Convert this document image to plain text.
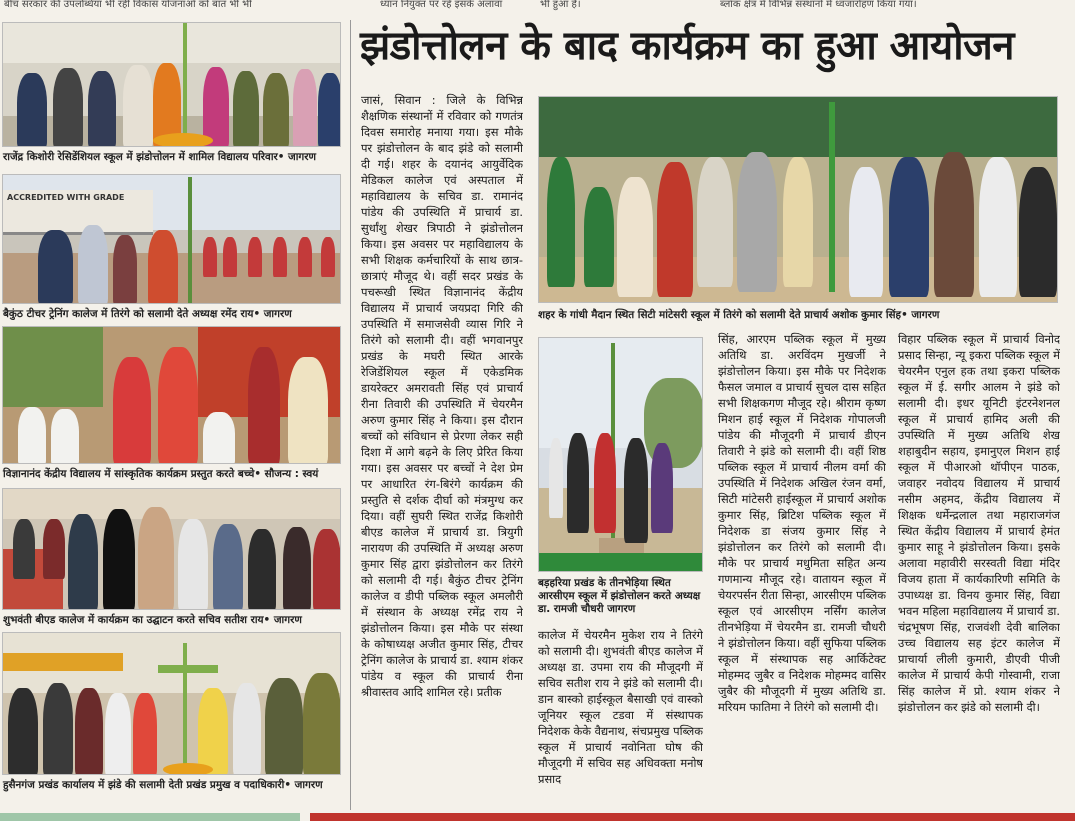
बीच सरकार की उपलब्धियां भी रही विकास योजनाओं को बात भी भी	ध्यान नियुक्त पर रहे इसके अलावा	भी हुआ है।	ब्लॉक क्षेत्र में विभिन्न संस्थानों में ध्वजारोहण किया गया।
झंडोत्तोलन के बाद कार्यक्रम का हुआ आयोजन
राजेंद्र किशोरी रेसिडेंशियल स्कूल में झंडोत्तोलन में शामिल विद्यालय परिवार• जागरण
ACCREDITED WITH GRADE
बैकुंठ टीचर ट्रेनिंग कालेज में तिरंगे को सलामी देते अध्यक्ष रमेंद राय• जागरण
विज्ञानानंद केंद्रीय विद्यालय में सांस्कृतिक कार्यक्रम प्रस्तुत करते बच्चे• सौजन्य : स्वयं
शुभवंती बीएड कालेज में कार्यक्रम का उद्घाटन करते सचिव सतीश राय• जागरण
हुसैनगंज प्रखंड कार्यालय में झंडे की सलामी देती प्रखंड प्रमुख व पदाधिकारी• जागरण
जासं, सिवान : जिले के विभिन्न शैक्षणिक संस्थानों में रविवार को गणतंत्र दिवस समारोह मनाया गया। इस मौके पर झंडोत्तोलन के बाद झंडे को सलामी दी गई। शहर के दयानंद आयुर्वेदिक मेडिकल कालेज एवं अस्पताल में महाविद्यालय के सचिव डा. रामानंद पांडेय की उपस्थिति में प्राचार्य डा. सुर्धांशु शेखर त्रिपाठी ने झंडोत्तोलन किया। इस अवसर पर महाविद्यालय के सभी शिक्षक कर्मचारियों के साथ छात्र- छात्राएं मौजूद थे। वहीं सदर प्रखंड के पचरूखी स्थित विज्ञानानंद केंद्रीय विद्यालय में प्राचार्य जयप्रदा गिरि की उपस्थिति में समाजसेवी व्यास गिरि ने तिरंगे को सलामी दी। वहीं भगवानपुर प्रखंड के मघरी स्थित आरके रेजिडेंशियल स्कूल में एकेडमिक डायरेक्टर अमरावती सिंह एवं प्राचार्य रीना तिवारी की उपस्थिति में चेयरमैन अरुण कुमार सिंह ने किया। इस दौरान बच्चों को संविधान से प्रेरणा लेकर सही दिशा में आगे बढ़ने के लिए प्रेरित किया गया। इस अवसर पर बच्चों ने देश प्रेम पर आधारित रंग-बिरंगे कार्यक्रम की प्रस्तुति से दर्शक दीर्घा को मंत्रमुग्ध कर दिया। वहीं सुघरी स्थित राजेंद्र किशोरी बीएड कालेज में प्राचार्य डा. त्रियुगी नारायण की उपस्थिति में अध्यक्ष अरुण कुमार सिंह द्वारा झंडोत्तोलन कर तिरंगे को सलामी दी गई। बैकुंठ टीचर ट्रेनिंग कालेज व डीपी पब्लिक स्कूल अमलौरी में संस्थान के अध्यक्ष रमेंद्र राय ने झंडोत्तोलन किया। इस मौके पर संस्था के कोषाध्यक्ष अजीत कुमार सिंह, टीचर ट्रेनिंग कालेज के प्राचार्य डा. श्याम शंकर पांडेय व स्कूल की प्राचार्य रीना श्रीवास्तव आदि शामिल रहे। प्रतीक
शहर के गांधी मैदान स्थित सिटी मांटेसरी स्कूल में तिरंगे को सलामी देते प्राचार्य अशोक कुमार सिंह• जागरण
बड़हरिया प्रखंड के तीनभेड़िया स्थित आरसीएम स्कूल में झंडोत्तोलन करते अध्यक्ष डा. रामजी चौधरी जागरण
कालेज में चेयरमैन मुकेश राय ने तिरंगे को सलामी दी। शुभवंती बीएड कालेज में अध्यक्ष डा. उपमा राय की मौजूदगी में सचिव सतीश राय ने झंडे को सलामी दी। डान बास्को हाईस्कूल बैसाखी एवं वास्को जूनियर स्कूल टडवा में संस्थापक निदेशक केके वैद्यनाथ, संचप्रमुख पब्लिक स्कूल में प्राचार्य नवोनिता घोष की मौजूदगी में सचिव सह अधिवक्ता मनोष प्रसाद
सिंह, आरएम पब्लिक स्कूल में मुख्य अतिथि डा. अरविंदम मुखर्जी ने झंडोत्तोलन किया। इस मौके पर निदेशक फैसल जमाल व प्राचार्य सुचल दास सहित सभी शिक्षकगण मौजूद रहे। श्रीराम कृष्ण मिशन हाई स्कूल में निदेशक गोपालजी पांडेय की मौजूदगी में प्राचार्य डीएन तिवारी ने झंडे को सलामी दी। वहीं शिष्ठ पब्लिक स्कूल में प्राचार्य नीलम वर्मा की उपस्थिति में निदेशक अखिल रंजन वर्मा, सिटी मांटेसरी हाईस्कूल में प्राचार्य अशोक कुमार सिंह, ब्रिटिश पब्लिक स्कूल में निदेशक डा संजय कुमार सिंह ने झंडोत्तोलन कर तिरंगे को सलामी दी। मौके पर प्राचार्य मधुमिता सहित अन्य गणमान्य मौजूद रहे। वातायन स्कूल में चेयरपर्सन रीता सिन्हा, आरसीएम पब्लिक स्कूल एवं आरसीएम नर्सिंग कालेज तीनभेड़िया में चेयरमैन डा. रामजी चौधरी ने झंडोत्तोलन किया। वहीं सुफिया पब्लिक स्कूल में संस्थापक सह आर्किटेक्ट मोहम्मद जुबैर व निदेशक मोहम्मद वासिर जुबैर की मौजूदगी में मुख्य अतिथि डा. मरियम फातिमा ने तिरंगे को सलामी दी।
विहार पब्लिक स्कूल में प्राचार्य विनोद प्रसाद सिन्हा, न्यू इकरा पब्लिक स्कूल में चेयरमैन एनुल हक तथा इकरा पब्लिक स्कूल में ई. सगीर आलम ने झंडे को सलामी दी। इधर यूनिटी इंटरनेशनल स्कूल में प्राचार्य हामिद अली की उपस्थिति में मुख्य अतिथि शेख शहाबुदीन सहाय, इमानुएल मिशन हाई स्कूल में पीआरओ थॉपीएन पाठक, जवाहर नवोदय विद्यालय में प्राचार्य नसीम अहमद, केंद्रीय विद्यालय में शिक्षक धर्मेन्द्रलाल तथा महाराजगंज स्थित केंद्रीय विद्यालय में प्राचार्य हेमंत कुमार साहू ने झंडोत्तोलन किया। इसके अलावा महावीरी सरस्वती विद्या मंदिर विजय हाता में कार्यकारिणी समिति के उपाध्यक्ष डा. विनय कुमार सिंह, विद्या भवन महिला महाविद्यालय में प्राचार्य डा. चंद्रभूषण सिंह, राजवंशी देवी बालिका उच्च विद्यालय सह इंटर कालेज में प्राचार्या लीली कुमारी, डीएवी पीजी कालेज में प्राचार्य केपी गोस्वामी, राजा सिंह कालेज में प्रो. श्याम शंकर ने झंडोत्तोलन कर झंडे को सलामी दी।
